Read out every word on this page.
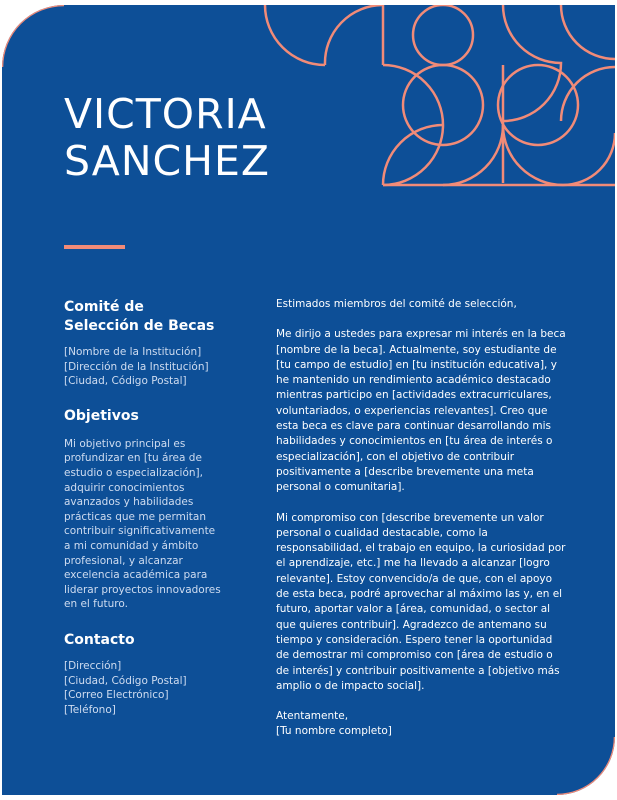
VICTORIA
SANCHEZ
Comité de Selección de Becas

[Nombre de la Institución]

[Dirección de la Institución]

[Ciudad, Código Postal]

Objetivos

Mi objetivo principal es profundizar en [tu área de estudio o especialización], adquirir conocimientos avanzados y habilidades prácticas que me permitan contribuir significativamente a mi comunidad y ámbito profesional, y alcanzar excelencia académica para liderar proyectos innovadores en el futuro.

Contacto

[Dirección]

[Ciudad, Código Postal]

[Correo Electrónico]

[Teléfono]

Estimados miembros del comité de selección,

Me dirijo a ustedes para expresar mi interés en la beca [nombre de la beca]. Actualmente, soy estudiante de [tu campo de estudio] en [tu institución educativa], y he mantenido un rendimiento académico destacado mientras participo en [actividades extracurriculares, voluntariados, o experiencias relevantes]. Creo que esta beca es clave para continuar desarrollando mis habilidades y conocimientos en [tu área de interés o especialización], con el objetivo de contribuir positivamente a [describe brevemente una meta personal o comunitaria].

Mi compromiso con [describe brevemente un valor personal o cualidad destacable, como la responsabilidad, el trabajo en equipo, la curiosidad por el aprendizaje, etc.] me ha llevado a alcanzar [logro relevante]. Estoy convencido/a de que, con el apoyo de esta beca, podré aprovechar al máximo las y, en el futuro, aportar valor a [área, comunidad, o sector al que quieres contribuir]. Agradezco de antemano su tiempo y consideración. Espero tener la oportunidad de demostrar mi compromiso con [área de estudio o de interés] y contribuir positivamente a [objetivo más amplio o de impacto social].

Atentamente,

[Tu nombre completo]
